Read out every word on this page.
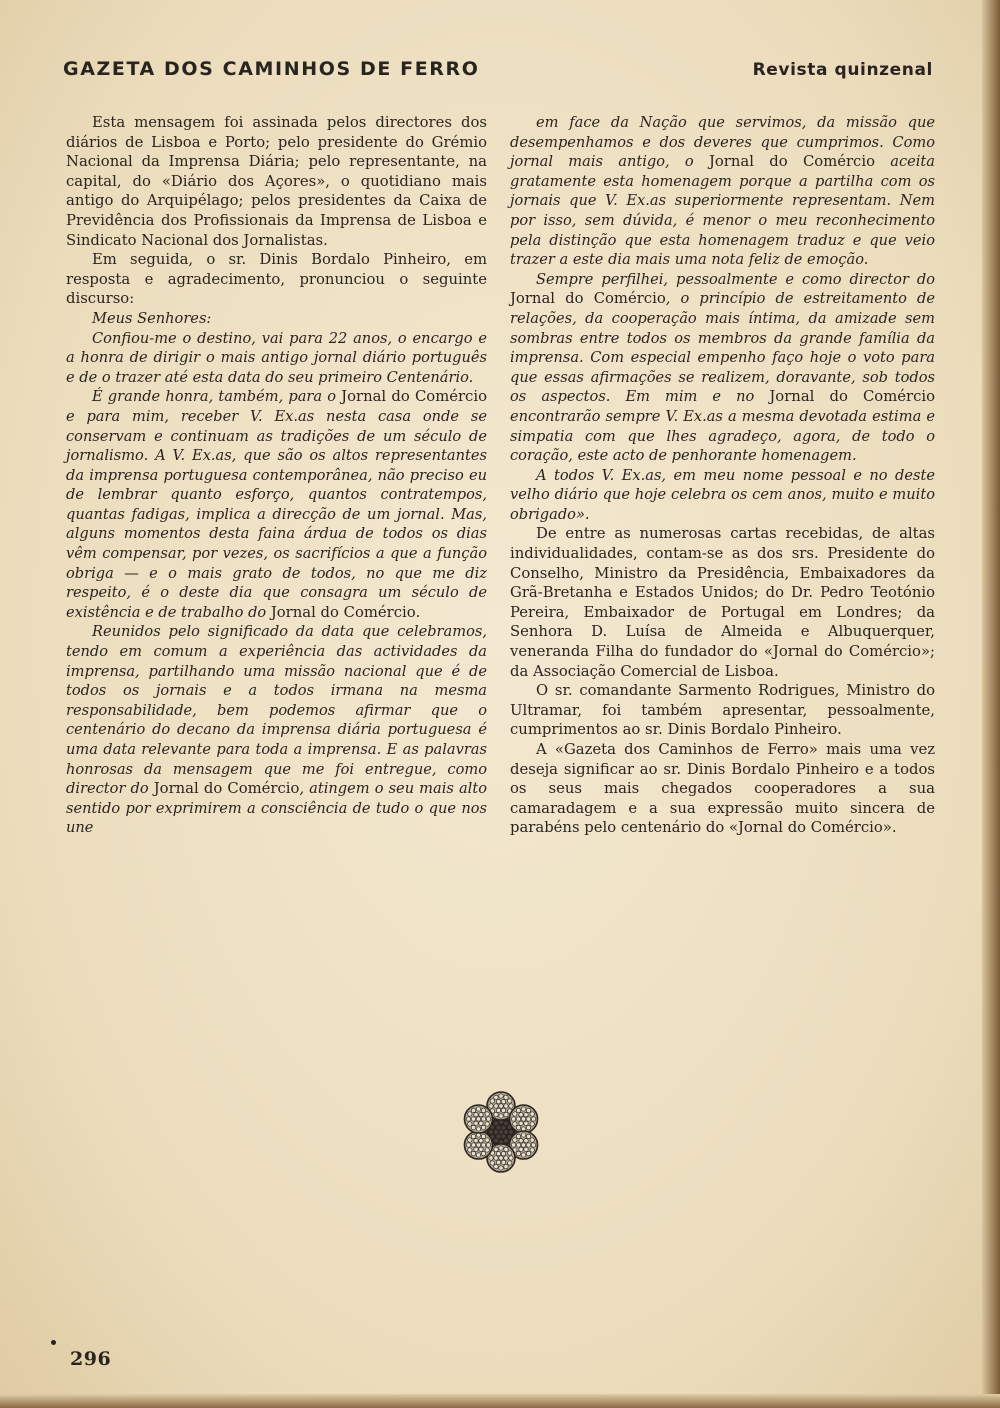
GAZETA DOS CAMINHOS DE FERRO	Revista quinzenal

Esta mensagem foi assinada pelos directores dos diários de Lisboa e Porto; pelo presidente do Grémio Nacional da Imprensa Diária; pelo representante, na capital, do «Diário dos Açores», o quotidiano mais antigo do Arquipélago; pelos presidentes da Caixa de Previdência dos Profissionais da Imprensa de Lisboa e Sindicato Nacional dos Jornalistas.

Em seguida, o sr. Dinis Bordalo Pinheiro, em resposta e agradecimento, pronunciou o seguinte discurso:

Meus Senhores:

Confiou-me o destino, vai para 22 anos, o encargo e a honra de dirigir o mais antigo jornal diário português e de o trazer até esta data do seu primeiro Centenário.

É grande honra, também, para o Jornal do Comércio e para mim, receber V. Ex.as nesta casa onde se conservam e continuam as tradições de um século de jornalismo. A V. Ex.as, que são os altos representantes da imprensa portuguesa contemporânea, não preciso eu de lembrar quanto esforço, quantos contratempos, quantas fadigas, implica a direcção de um jornal. Mas, alguns momentos desta faina árdua de todos os dias vêm compensar, por vezes, os sacrifícios a que a função obriga — e o mais grato de todos, no que me diz respeito, é o deste dia que consagra um século de existência e de trabalho do Jornal do Comércio.

Reunidos pelo significado da data que celebramos, tendo em comum a experiência das actividades da imprensa, partilhando uma missão nacional que é de todos os jornais e a todos irmana na mesma responsabilidade, bem podemos afirmar que o centenário do decano da imprensa diária portuguesa é uma data relevante para toda a imprensa. E as palavras honrosas da mensagem que me foi entregue, como director do Jornal do Comércio, atingem o seu mais alto sentido por exprimirem a consciência de tudo o que nos une

em face da Nação que servimos, da missão que desempenhamos e dos deveres que cumprimos. Como jornal mais antigo, o Jornal do Comércio aceita gratamente esta homenagem porque a partilha com os jornais que V. Ex.as superiormente representam. Nem por isso, sem dúvida, é menor o meu reconhecimento pela distinção que esta homenagem traduz e que veio trazer a este dia mais uma nota feliz de emoção.

Sempre perfilhei, pessoalmente e como director do Jornal do Comércio, o princípio de estreitamento de relações, da cooperação mais íntima, da amizade sem sombras entre todos os membros da grande família da imprensa. Com especial empenho faço hoje o voto para que essas afirmações se realizem, doravante, sob todos os aspectos. Em mim e no Jornal do Comércio encontrarão sempre V. Ex.as a mesma devotada estima e simpatia com que lhes agradeço, agora, de todo o coração, este acto de penhorante homenagem.

A todos V. Ex.as, em meu nome pessoal e no deste velho diário que hoje celebra os cem anos, muito e muito obrigado».

De entre as numerosas cartas recebidas, de altas individualidades, contam-se as dos srs. Presidente do Conselho, Ministro da Presidência, Embaixadores da Grã-Bretanha e Estados Unidos; do Dr. Pedro Teotónio Pereira, Embaixador de Portugal em Londres; da Senhora D. Luísa de Almeida e Albuquerquer, veneranda Filha do fundador do «Jornal do Comércio»; da Associação Comercial de Lisboa.

O sr. comandante Sarmento Rodrigues, Ministro do Ultramar, foi também apresentar, pessoalmente, cumprimentos ao sr. Dinis Bordalo Pinheiro.

A «Gazeta dos Caminhos de Ferro» mais uma vez deseja significar ao sr. Dinis Bordalo Pinheiro e a todos os seus mais chegados cooperadores a sua camaradagem e a sua expressão muito sincera de parabéns pelo centenário do «Jornal do Comércio».

296
